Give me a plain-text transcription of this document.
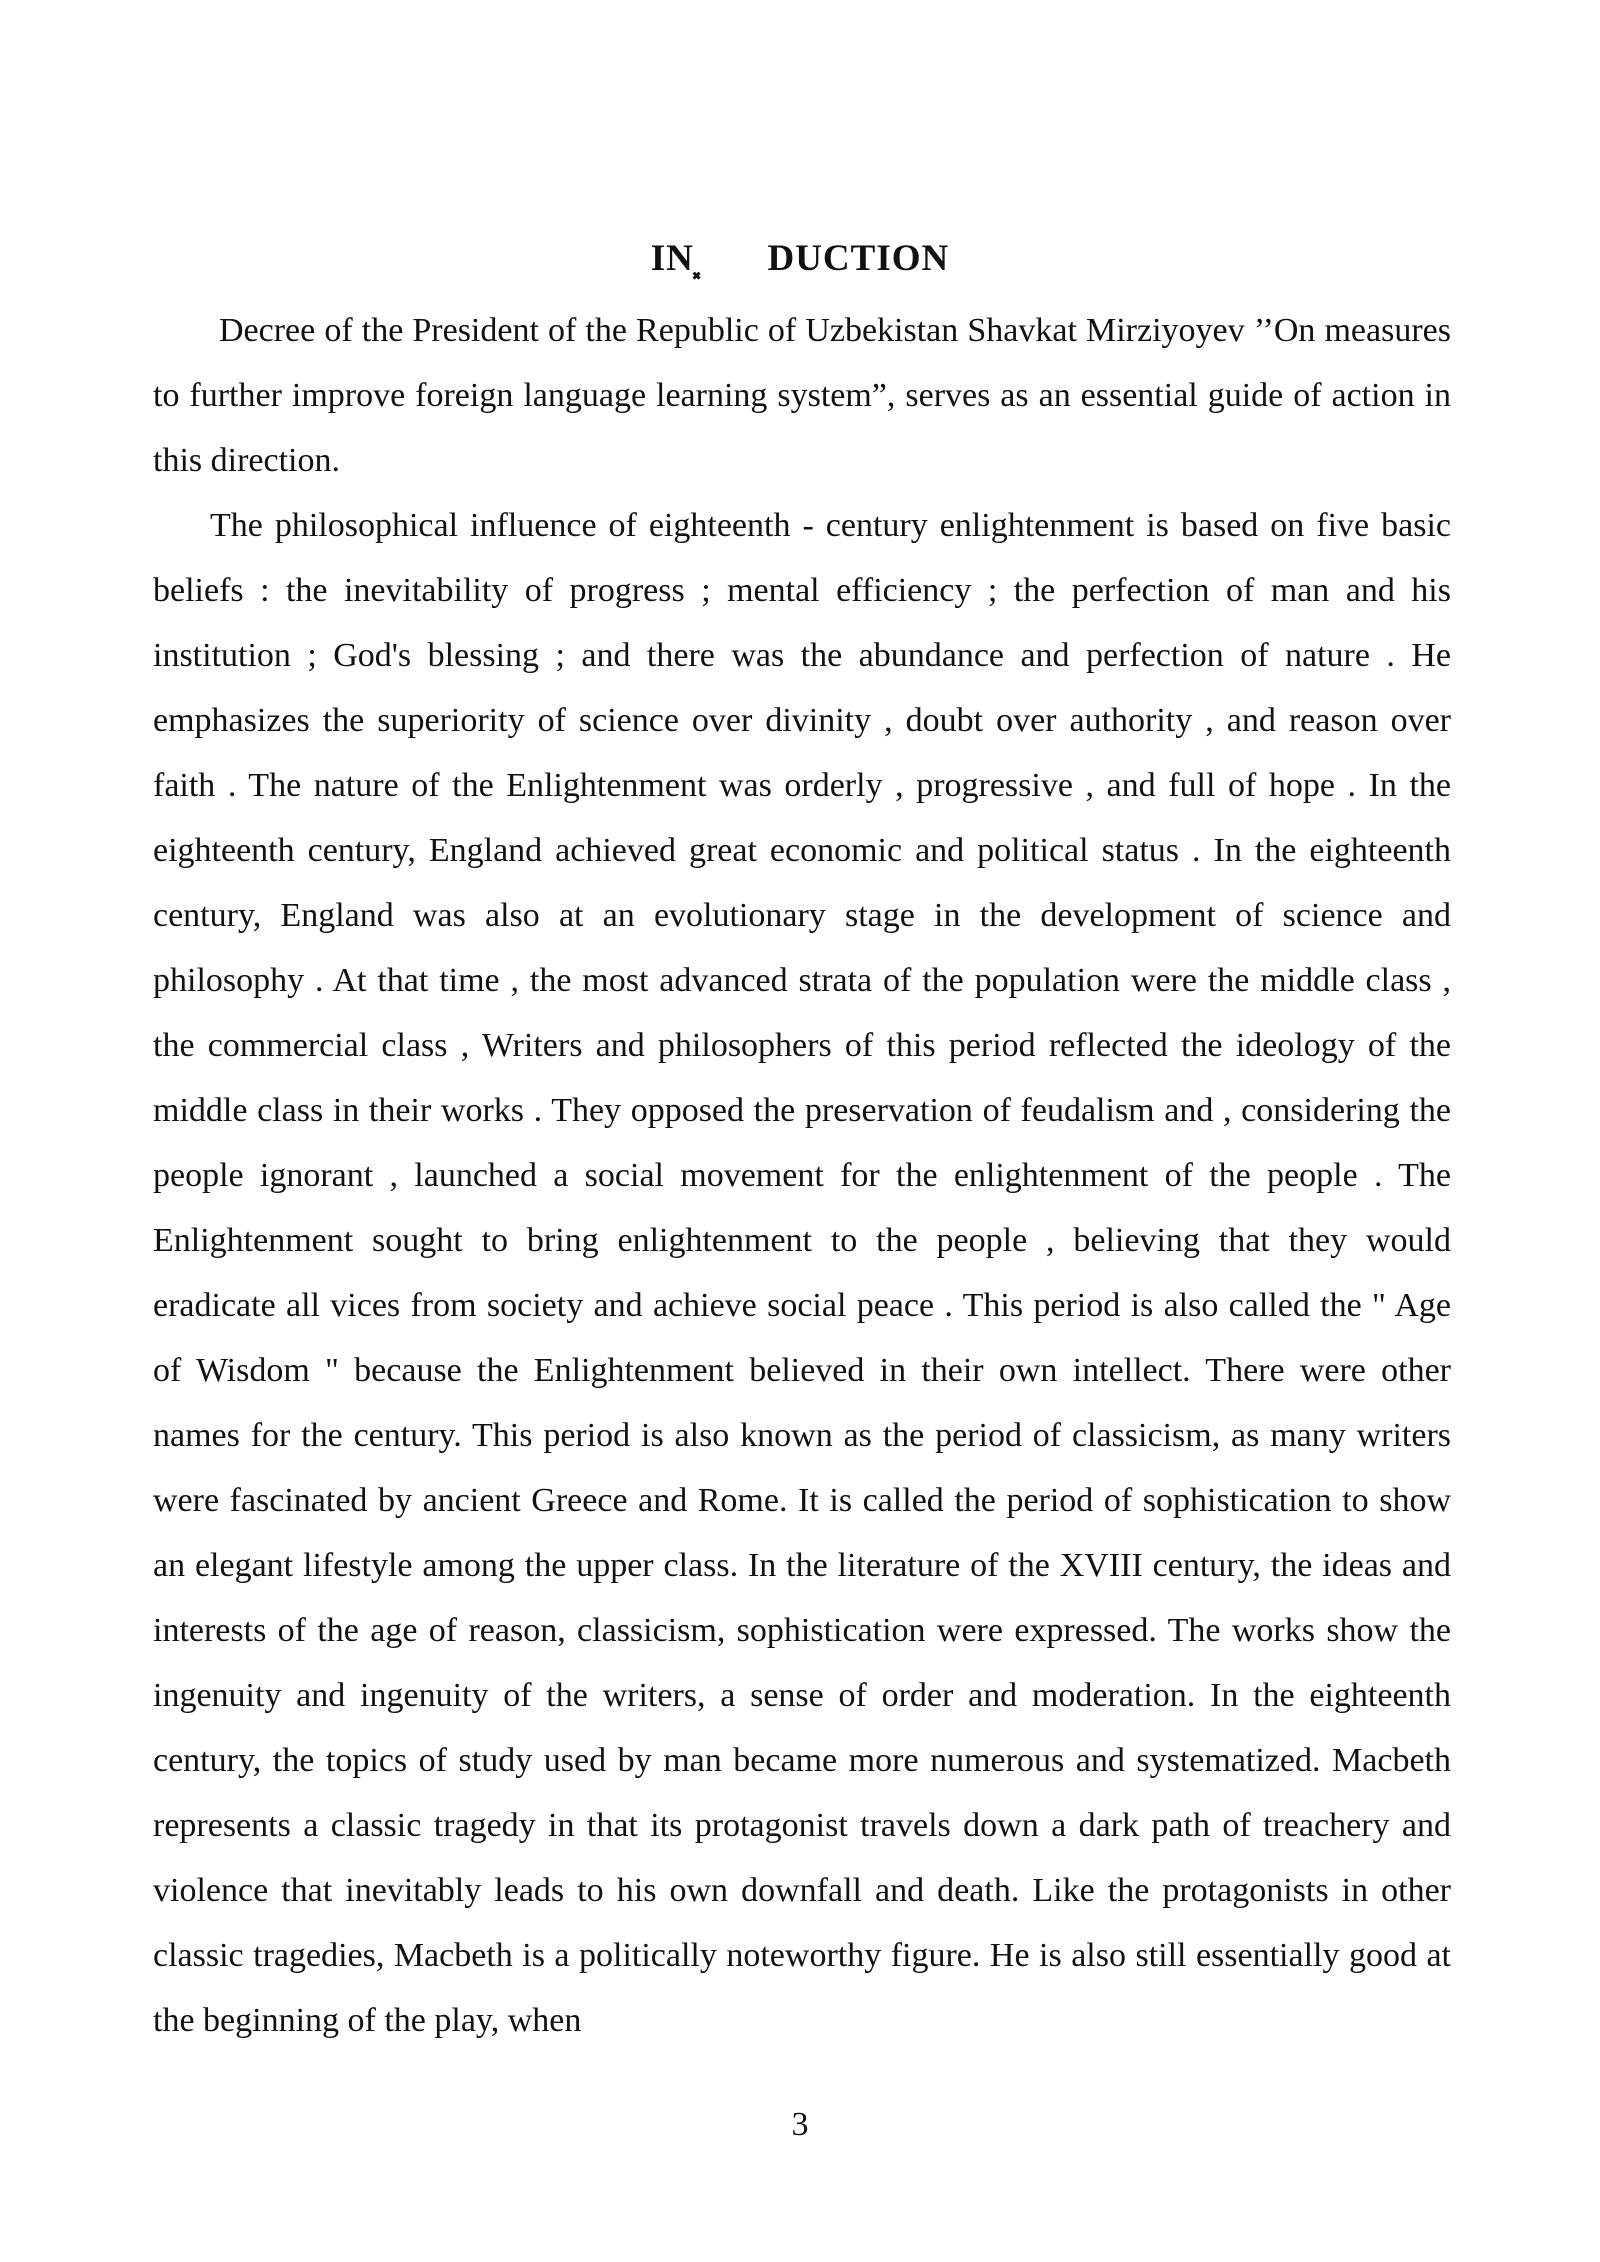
IN⸼ DUCTION

Decree of the President of the Republic of Uzbekistan Shavkat Mirziyoyev ’’On measures to further improve foreign language learning system”, serves as an essential guide of action in this direction.

The philosophical influence of eighteenth - century enlightenment is based on five basic beliefs : the inevitability of progress ; mental efficiency ; the perfection of man and his institution ; God's blessing ; and there was the abundance and perfection of nature . He emphasizes the superiority of science over divinity , doubt over authority , and reason over faith . The nature of the Enlightenment was orderly , progressive , and full of hope . In the eighteenth century, England achieved great economic and political status . In the eighteenth century, England was also at an evolutionary stage in the development of science and philosophy . At that time , the most advanced strata of the population were the middle class , the commercial class , Writers and philosophers of this period reflected the ideology of the middle class in their works . They opposed the preservation of feudalism and , considering the people ignorant , launched a social movement for the enlightenment of the people . The Enlightenment sought to bring enlightenment to the people , believing that they would eradicate all vices from society and achieve social peace . This period is also called the " Age of Wisdom " because the Enlightenment believed in their own intellect. There were other names for the century. This period is also known as the period of classicism, as many writers were fascinated by ancient Greece and Rome. It is called the period of sophistication to show an elegant lifestyle among the upper class. In the literature of the XVIII century, the ideas and interests of the age of reason, classicism, sophistication were expressed. The works show the ingenuity and ingenuity of the writers, a sense of order and moderation. In the eighteenth century, the topics of study used by man became more numerous and systematized. Macbeth represents a classic tragedy in that its protagonist travels down a dark path of treachery and violence that inevitably leads to his own downfall and death. Like the protagonists in other classic tragedies, Macbeth is a politically noteworthy figure. He is also still essentially good at the beginning of the play, when

3
